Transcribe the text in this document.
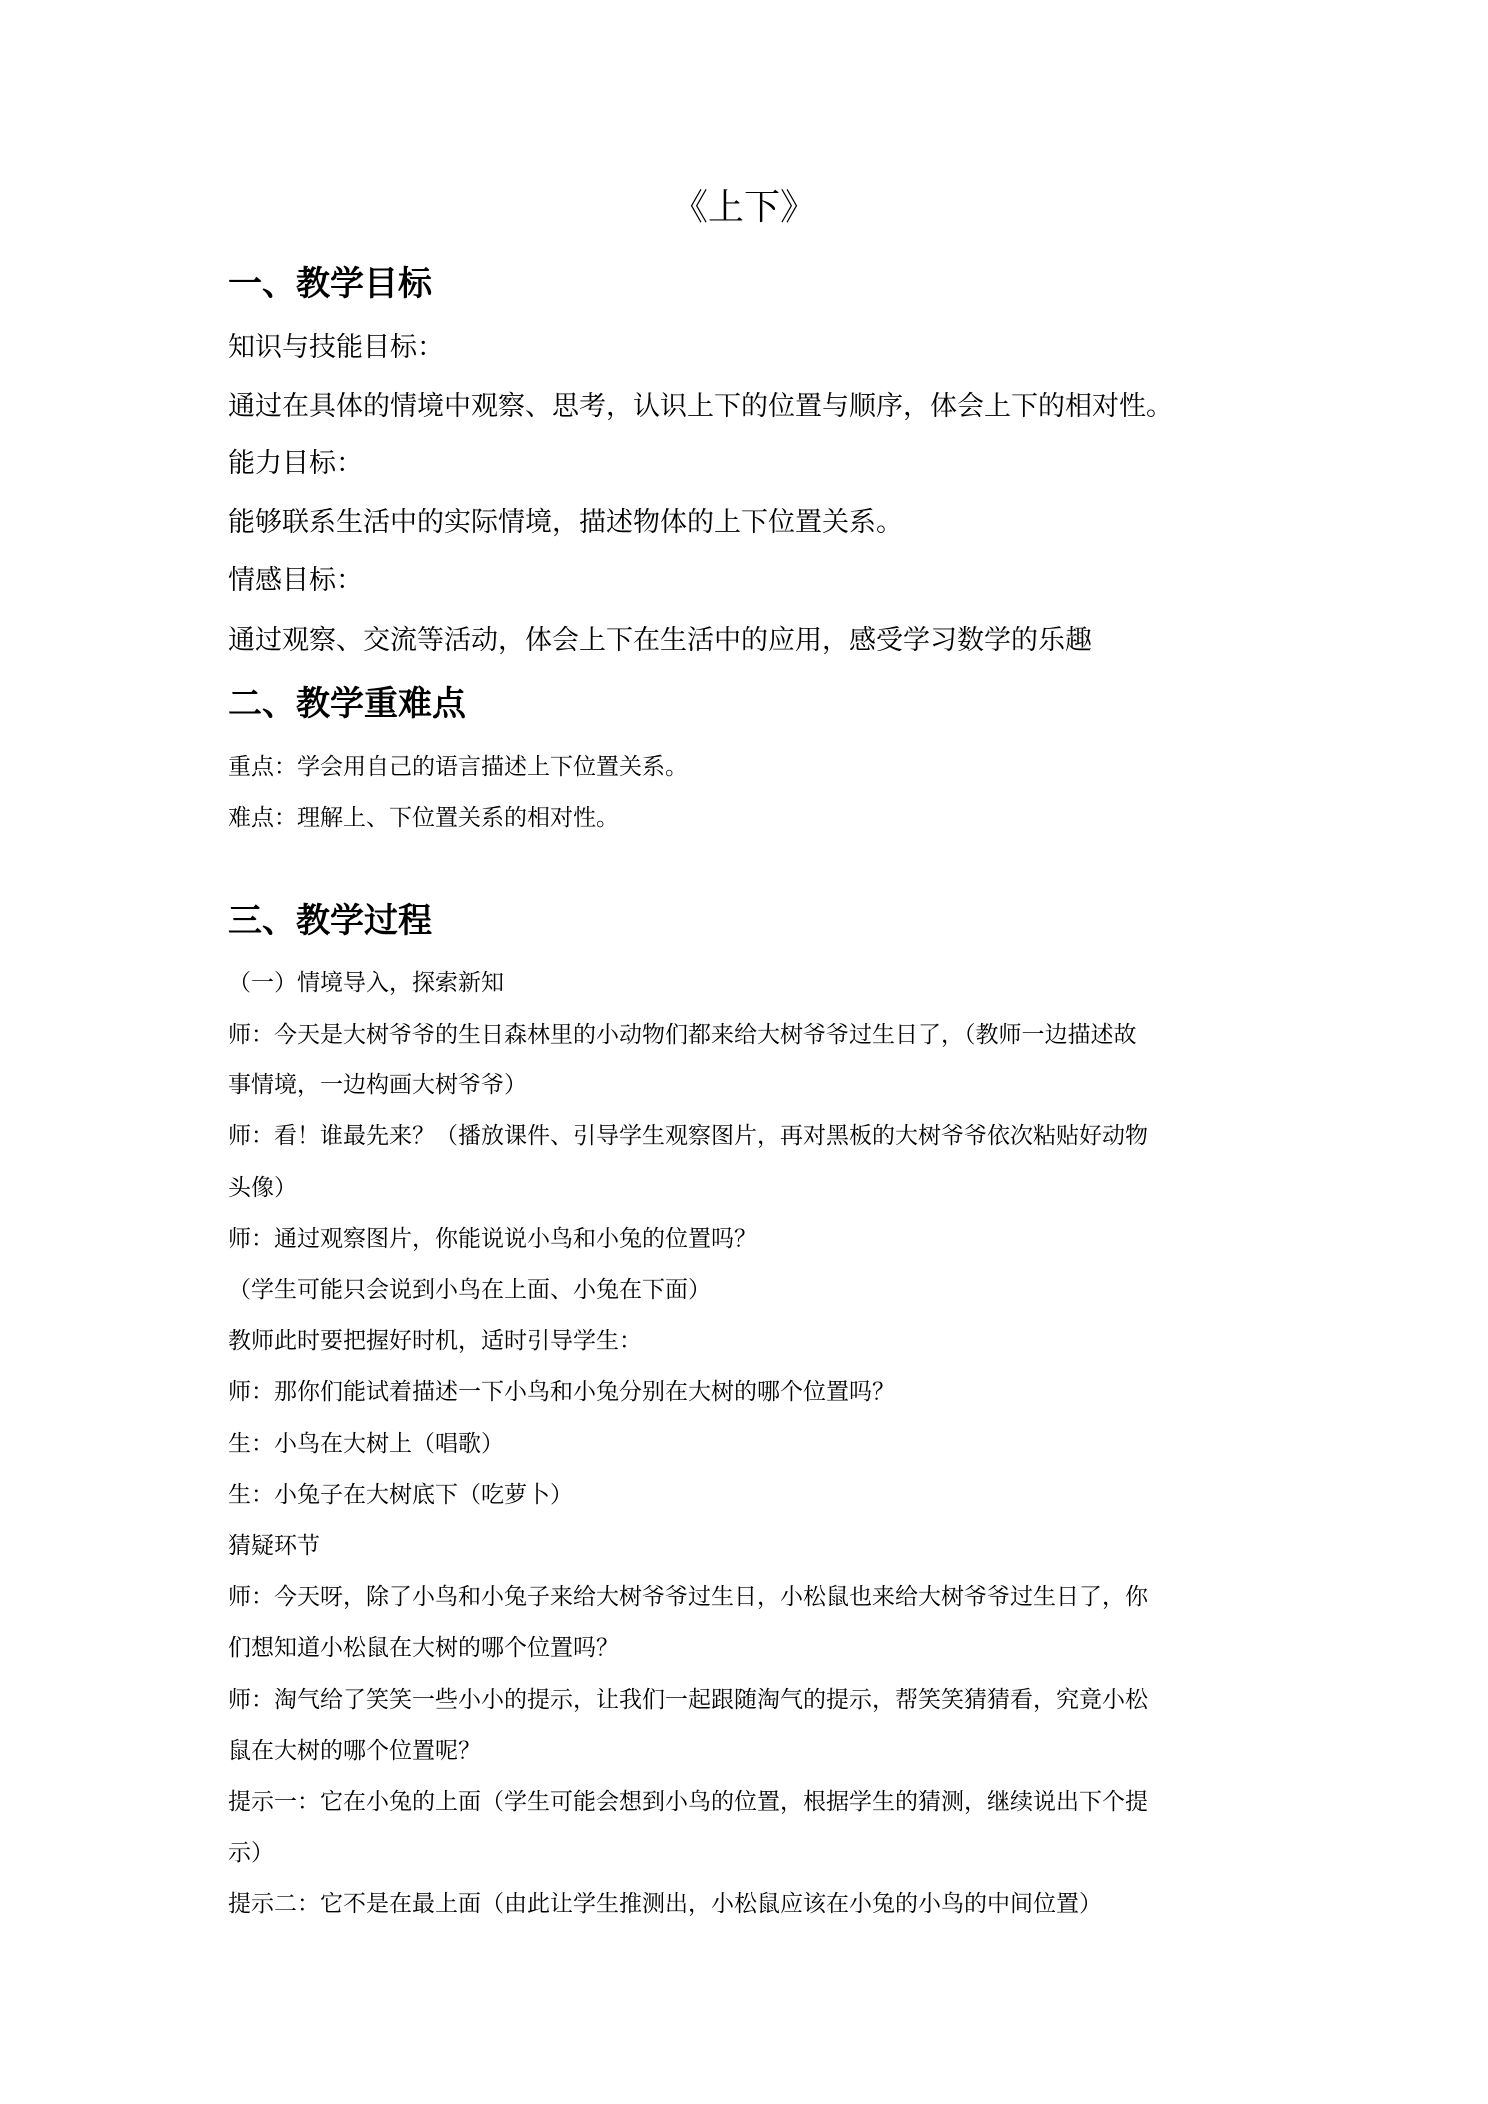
《上下》
一、教学目标
知识与技能目标：
通过在具体的情境中观察、思考，认识上下的位置与顺序，体会上下的相对性。
能力目标：
能够联系生活中的实际情境，描述物体的上下位置关系。
情感目标：
通过观察、交流等活动，体会上下在生活中的应用，感受学习数学的乐趣
二、教学重难点
重点：学会用自己的语言描述上下位置关系。
难点：理解上、下位置关系的相对性。
三、教学过程
（一）情境导入，探索新知
师：今天是大树爷爷的生日森林里的小动物们都来给大树爷爷过生日了，（教师一边描述故
事情境，一边构画大树爷爷）
师：看！谁最先来？（播放课件、引导学生观察图片，再对黑板的大树爷爷依次粘贴好动物
头像）
师：通过观察图片，你能说说小鸟和小兔的位置吗？
（学生可能只会说到小鸟在上面、小兔在下面）
教师此时要把握好时机，适时引导学生：
师：那你们能试着描述一下小鸟和小兔分别在大树的哪个位置吗？
生：小鸟在大树上（唱歌）
生：小兔子在大树底下（吃萝卜）
猜疑环节
师：今天呀，除了小鸟和小兔子来给大树爷爷过生日，小松鼠也来给大树爷爷过生日了，你
们想知道小松鼠在大树的哪个位置吗？
师：淘气给了笑笑一些小小的提示，让我们一起跟随淘气的提示，帮笑笑猜猜看，究竟小松
鼠在大树的哪个位置呢？
提示一：它在小兔的上面（学生可能会想到小鸟的位置，根据学生的猜测，继续说出下个提
示）
提示二：它不是在最上面（由此让学生推测出，小松鼠应该在小兔的小鸟的中间位置）
